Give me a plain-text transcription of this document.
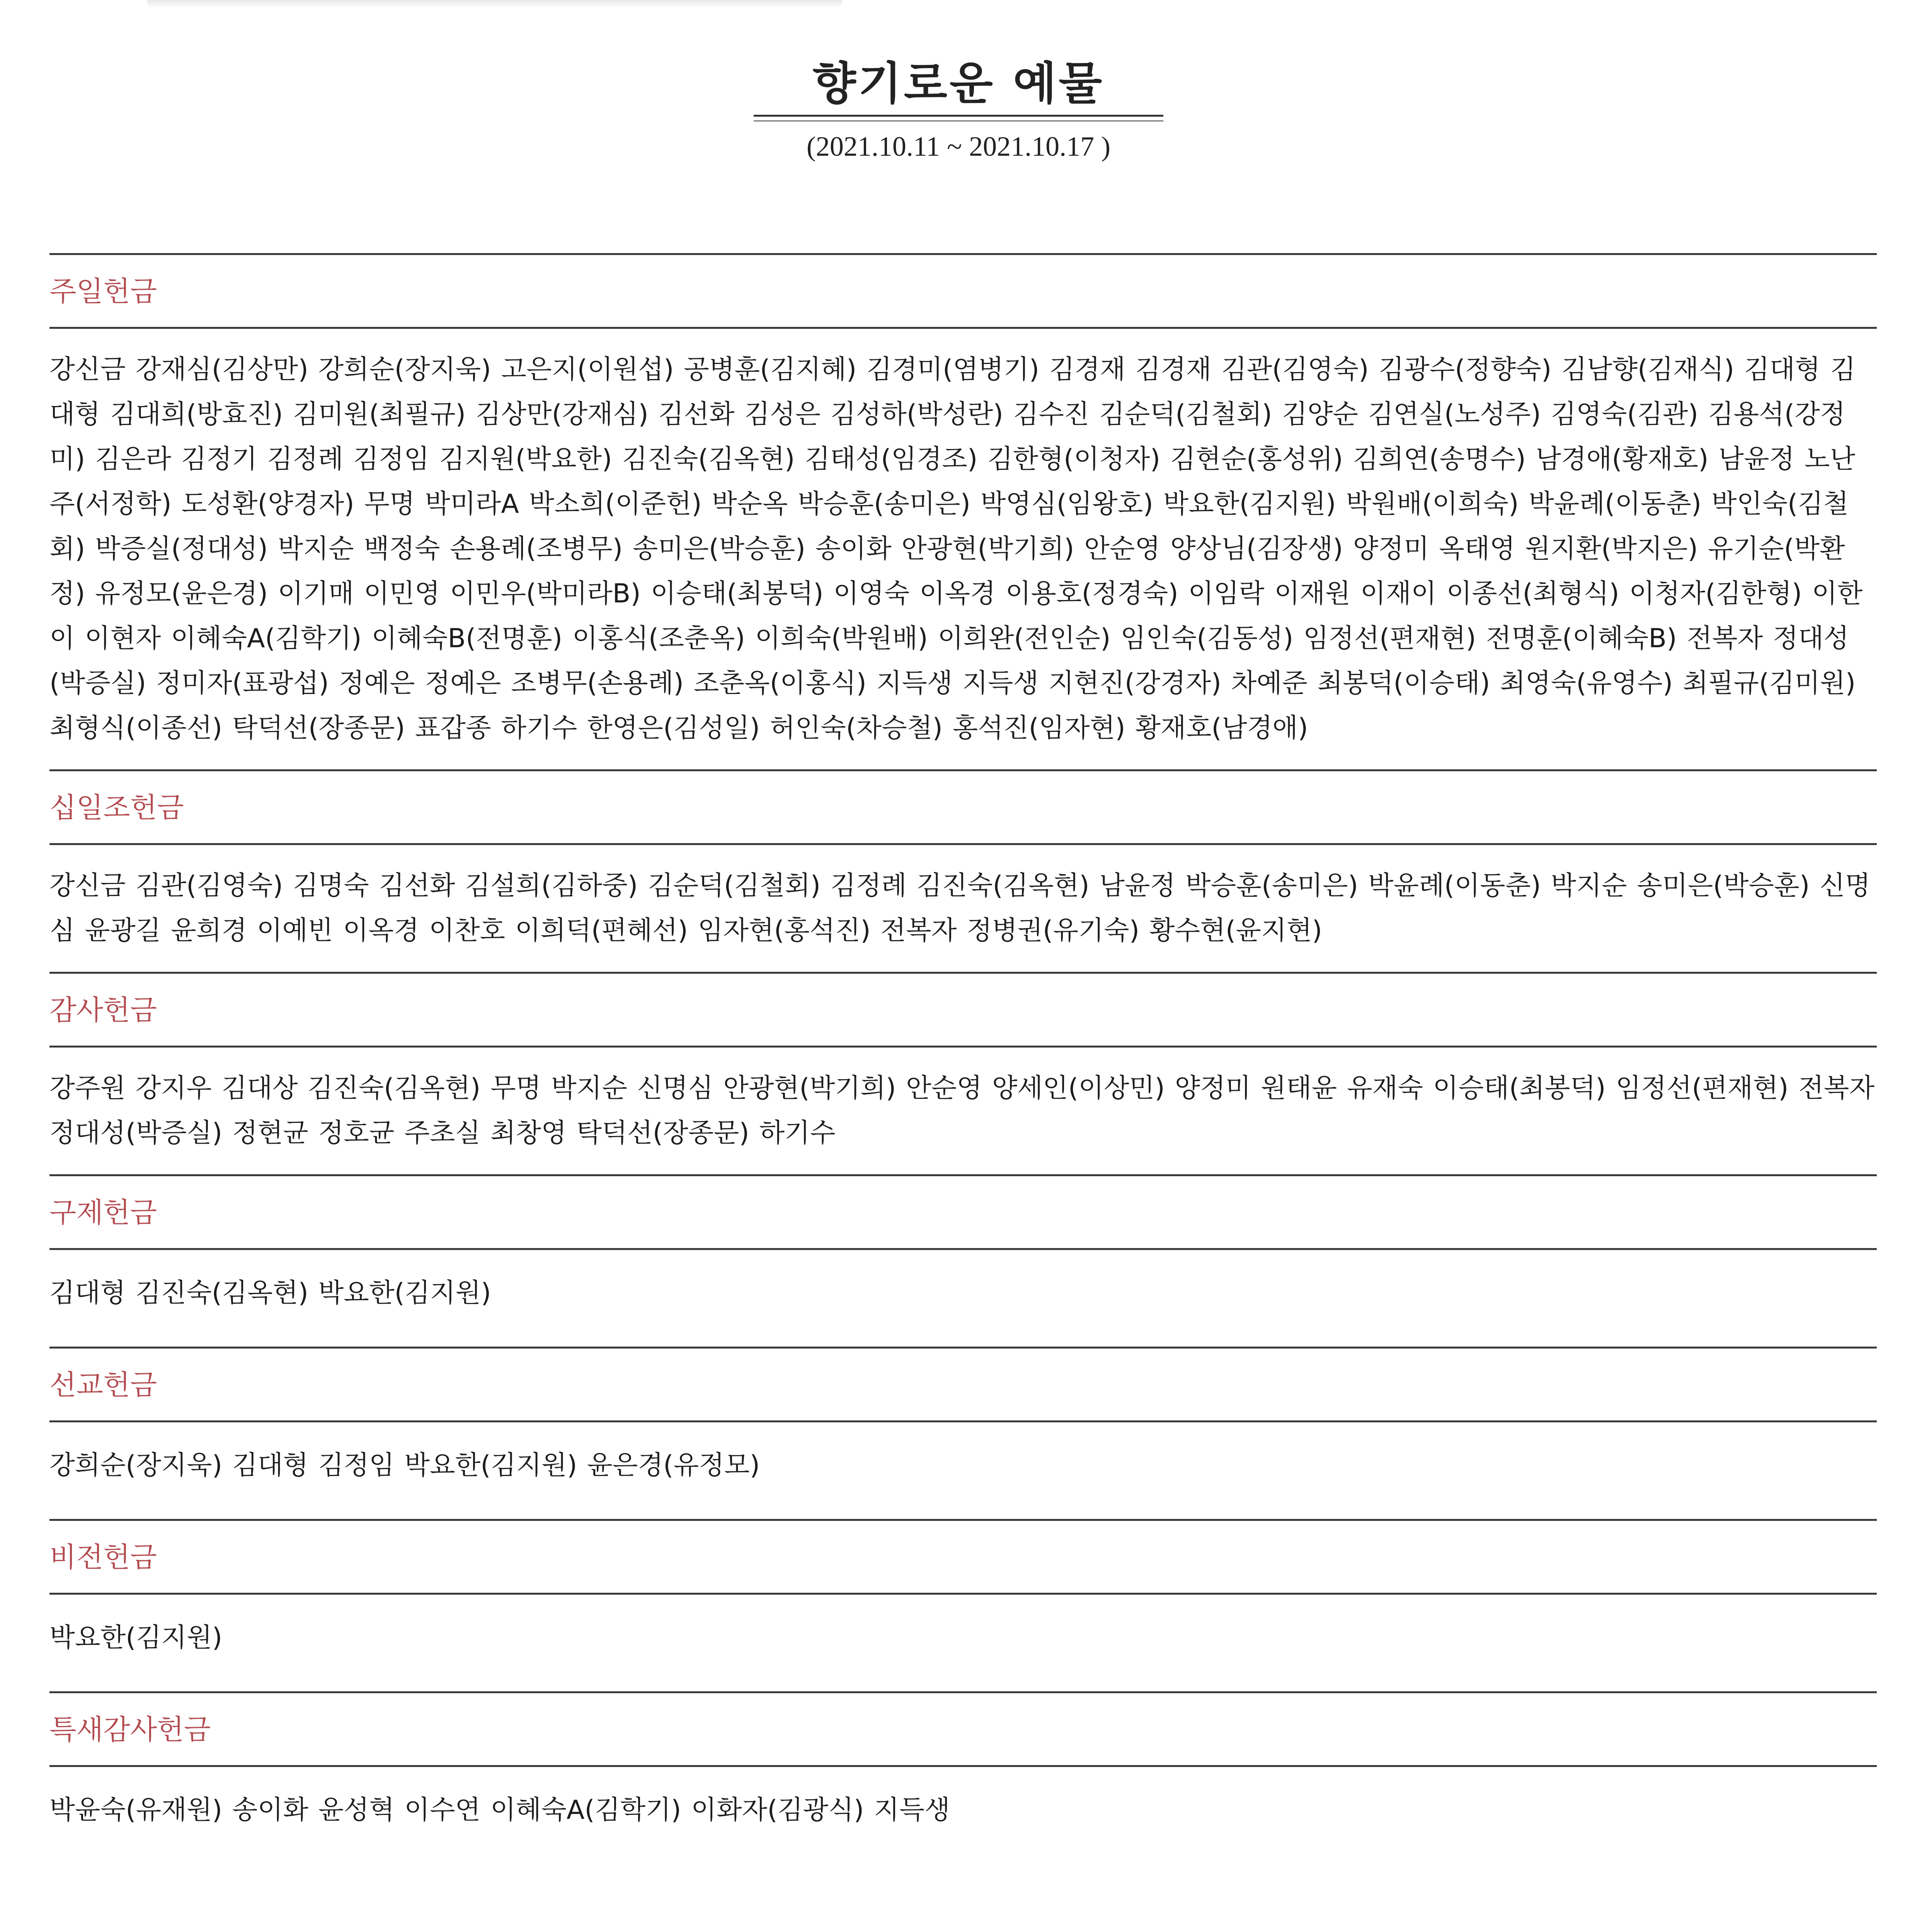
향기로운 예물
(2021.10.11 ~ 2021.10.17 )
주일헌금
강신금 강재심(김상만) 강희순(장지욱) 고은지(이원섭) 공병훈(김지혜) 김경미(염병기) 김경재 김경재 김관(김영숙) 김광수(정향숙) 김남향(김재식) 김대형 김대형 김대희(방효진) 김미원(최필규) 김상만(강재심) 김선화 김성은 김성하(박성란) 김수진 김순덕(김철회) 김양순 김연실(노성주) 김영숙(김관) 김용석(강정미) 김은라 김정기 김정례 김정임 김지원(박요한) 김진숙(김옥현) 김태성(임경조) 김한형(이청자) 김현순(홍성위) 김희연(송명수) 남경애(황재호) 남윤정 노난주(서정학) 도성환(양경자) 무명 박미라A 박소희(이준헌) 박순옥 박승훈(송미은) 박영심(임왕호) 박요한(김지원) 박원배(이희숙) 박윤례(이동춘) 박인숙(김철회) 박증실(정대성) 박지순 백정숙 손용례(조병무) 송미은(박승훈) 송이화 안광현(박기희) 안순영 양상님(김장생) 양정미 옥태영 원지환(박지은) 유기순(박환정) 유정모(윤은경) 이기매 이민영 이민우(박미라B) 이승태(최봉덕) 이영숙 이옥경 이용호(정경숙) 이임락 이재원 이재이 이종선(최형식) 이청자(김한형) 이한이 이현자 이혜숙A(김학기) 이혜숙B(전명훈) 이홍식(조춘옥) 이희숙(박원배) 이희완(전인순) 임인숙(김동성) 임정선(편재현) 전명훈(이혜숙B) 전복자 정대성(박증실) 정미자(표광섭) 정예은 정예은 조병무(손용례) 조춘옥(이홍식) 지득생 지득생 지현진(강경자) 차예준 최봉덕(이승태) 최영숙(유영수) 최필규(김미원) 최형식(이종선) 탁덕선(장종문) 표갑종 하기수 한영은(김성일) 허인숙(차승철) 홍석진(임자현) 황재호(남경애)
십일조헌금
강신금 김관(김영숙) 김명숙 김선화 김설희(김하중) 김순덕(김철회) 김정례 김진숙(김옥현) 남윤정 박승훈(송미은) 박윤례(이동춘) 박지순 송미은(박승훈) 신명심 윤광길 윤희경 이예빈 이옥경 이찬호 이희덕(편혜선) 임자현(홍석진) 전복자 정병권(유기숙) 황수현(윤지현)
감사헌금
강주원 강지우 김대상 김진숙(김옥현) 무명 박지순 신명심 안광현(박기희) 안순영 양세인(이상민) 양정미 원태윤 유재숙 이승태(최봉덕) 임정선(편재현) 전복자 정대성(박증실) 정현균 정호균 주초실 최창영 탁덕선(장종문) 하기수
구제헌금
김대형 김진숙(김옥현) 박요한(김지원)
선교헌금
강희순(장지욱) 김대형 김정임 박요한(김지원) 윤은경(유정모)
비전헌금
박요한(김지원)
특새감사헌금
박윤숙(유재원) 송이화 윤성혁 이수연 이혜숙A(김학기) 이화자(김광식) 지득생
